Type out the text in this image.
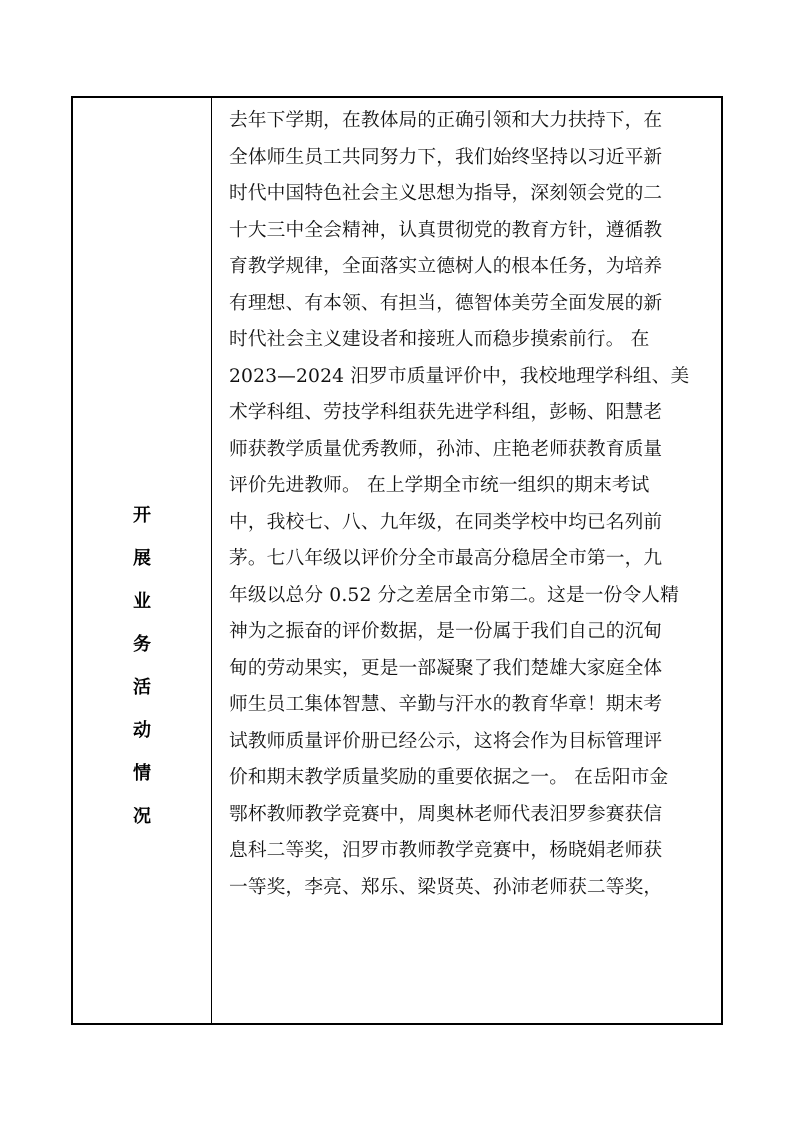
开
展
业
务
活
动
情
况
去年下学期，在教体局的正确引领和大力扶持下，在
全体师生员工共同努力下，我们始终坚持以习近平新
时代中国特色社会主义思想为指导，深刻领会党的二
十大三中全会精神，认真贯彻党的教育方针，遵循教
育教学规律，全面落实立德树人的根本任务，为培养
有理想、有本领、有担当，德智体美劳全面发展的新
时代社会主义建设者和接班人而稳步摸索前行。 在
2023—2024 汨罗市质量评价中，我校地理学科组、美
术学科组、劳技学科组获先进学科组，彭畅、阳慧老
师获教学质量优秀教师，孙沛、庄艳老师获教育质量
评价先进教师。 在上学期全市统一组织的期末考试
中，我校七、八、九年级，在同类学校中均已名列前
茅。七八年级以评价分全市最高分稳居全市第一，九
年级以总分 0.52 分之差居全市第二。这是一份令人精
神为之振奋的评价数据，是一份属于我们自己的沉甸
甸的劳动果实，更是一部凝聚了我们楚雄大家庭全体
师生员工集体智慧、辛勤与汗水的教育华章！期末考
试教师质量评价册已经公示，这将会作为目标管理评
价和期末教学质量奖励的重要依据之一。 在岳阳市金
鄂杯教师教学竞赛中，周奥林老师代表汨罗参赛获信
息科二等奖，汨罗市教师教学竞赛中，杨晓娟老师获
一等奖，李亮、郑乐、梁贤英、孙沛老师获二等奖，
